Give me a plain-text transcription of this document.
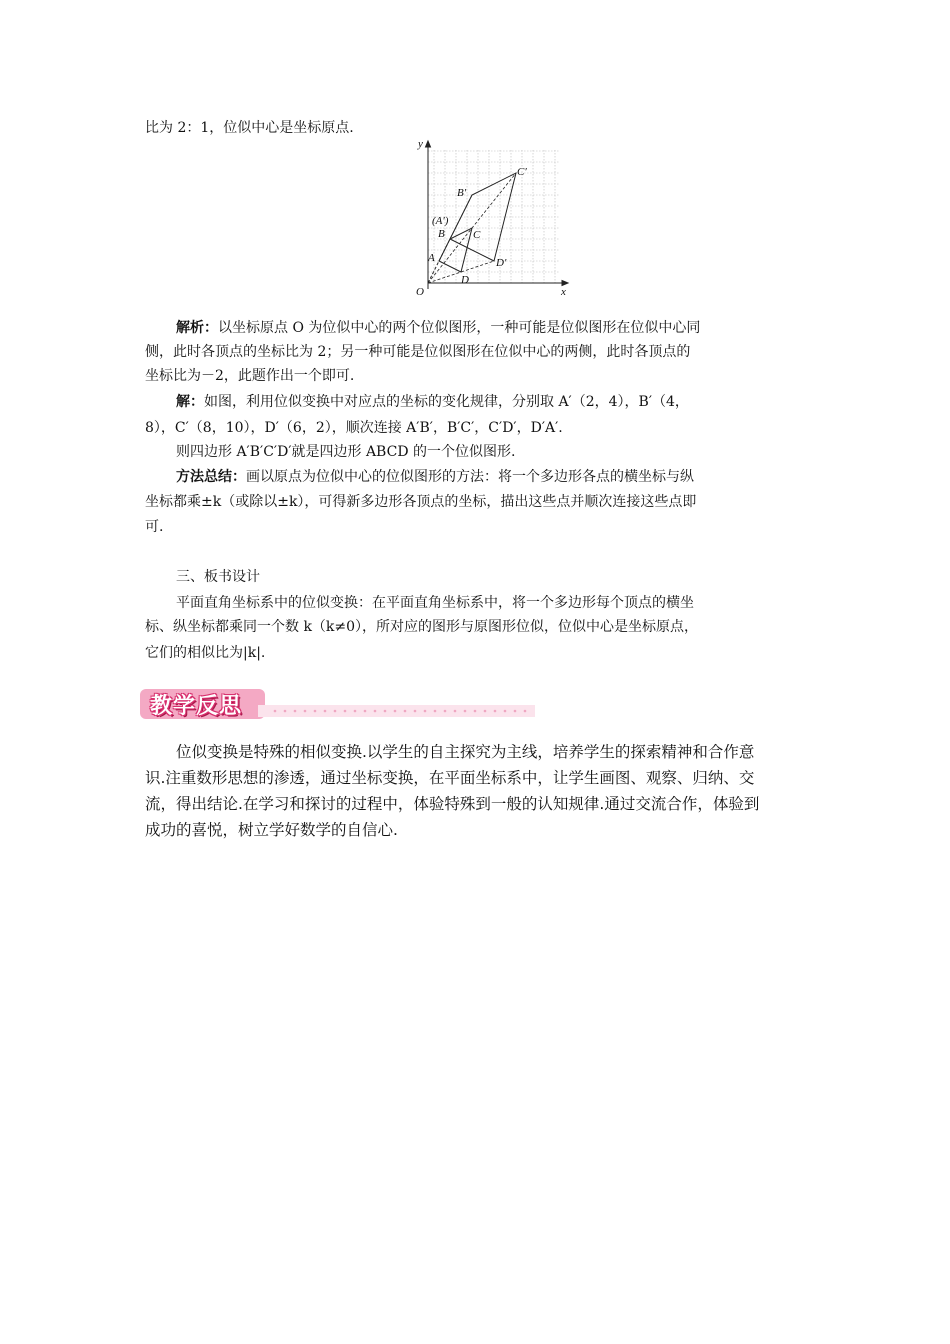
比为 2：1，位似中心是坐标原点.
y
x
O
A
B	C
D
(A′)
B′
C′
D′
解析：以坐标原点 O 为位似中心的两个位似图形，一种可能是位似图形在位似中心同
侧，此时各顶点的坐标比为 2；另一种可能是位似图形在位似中心的两侧，此时各顶点的
坐标比为－2，此题作出一个即可.
解：如图，利用位似变换中对应点的坐标的变化规律，分别取 A′（2，4），B′（4，
8），C′（8，10），D′（6，2），顺次连接 A′B′，B′C′，C′D′，D′A′.
则四边形 A′B′C′D′就是四边形 ABCD 的一个位似图形.
方法总结：画以原点为位似中心的位似图形的方法：将一个多边形各点的横坐标与纵
坐标都乘±k（或除以±k），可得新多边形各顶点的坐标，描出这些点并顺次连接这些点即
可.
三、板书设计
平面直角坐标系中的位似变换：在平面直角坐标系中，将一个多边形每个顶点的横坐
标、纵坐标都乘同一个数 k（k≠0），所对应的图形与原图形位似，位似中心是坐标原点，
它们的相似比为|k|.
教学反思
位似变换是特殊的相似变换.以学生的自主探究为主线，培养学生的探索精神和合作意
识.注重数形思想的渗透，通过坐标变换，在平面坐标系中，让学生画图、观察、归纳、交
流，得出结论.在学习和探讨的过程中，体验特殊到一般的认知规律.通过交流合作，体验到
成功的喜悦，树立学好数学的自信心.
